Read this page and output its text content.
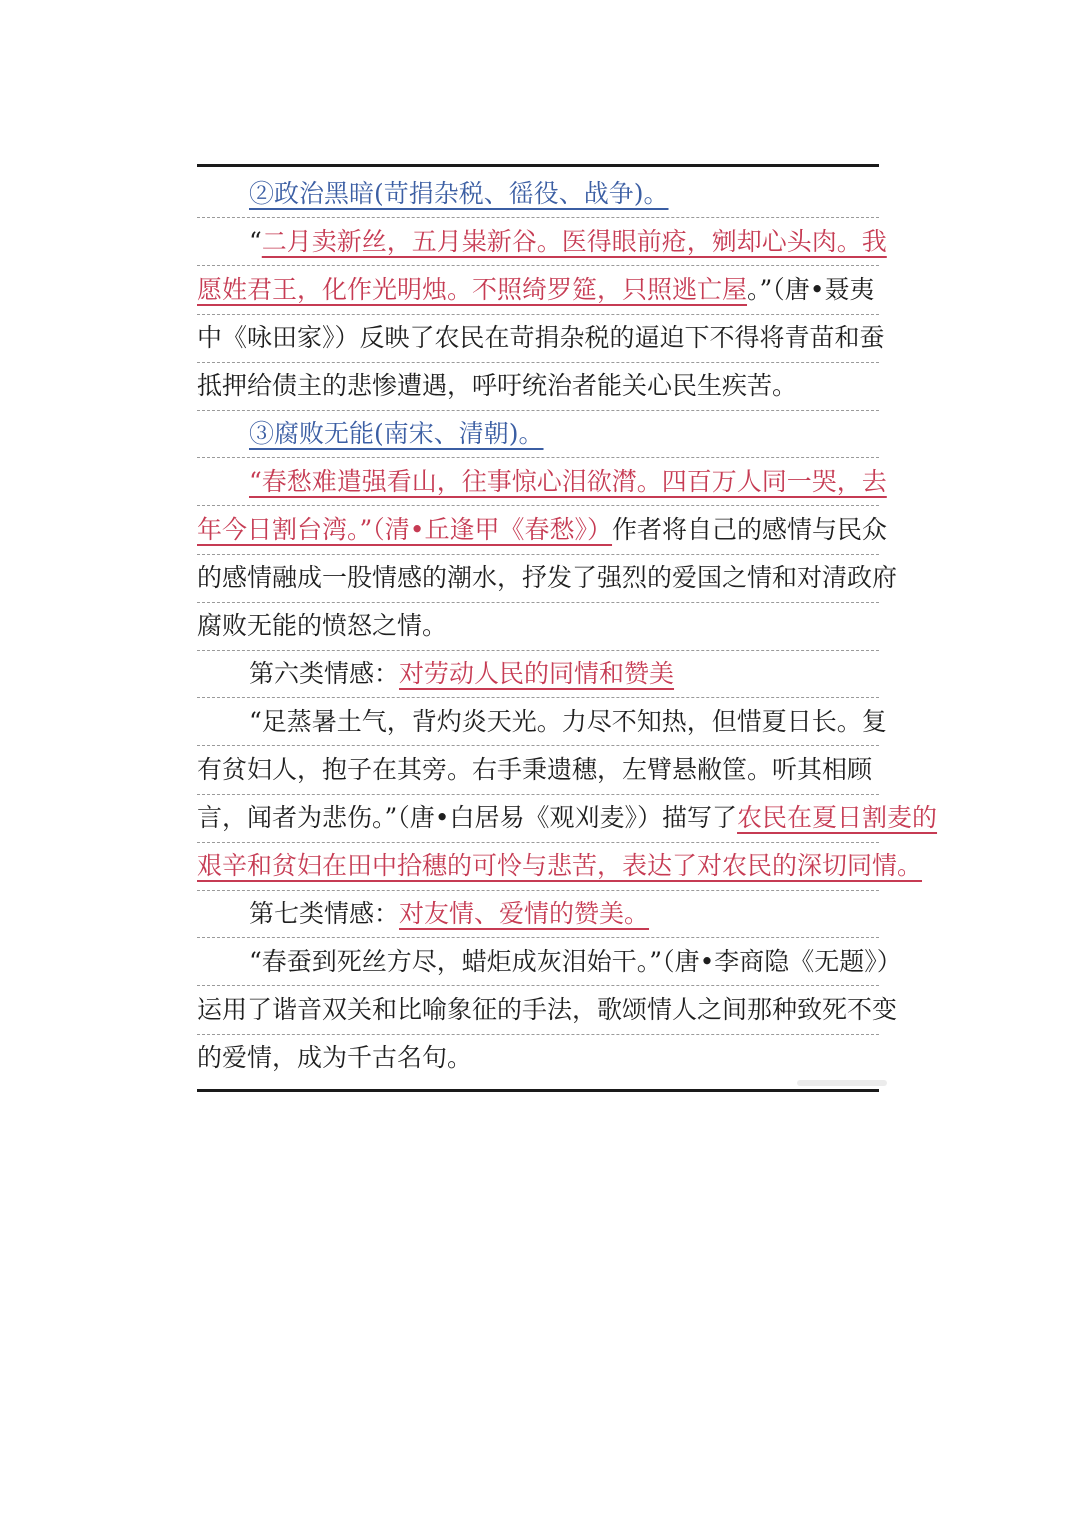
②政治黑暗(苛捐杂税、徭役、战争)。
“二月卖新丝，五月粜新谷。医得眼前疮，剜却心头肉。我
愿姓君王，化作光明烛。不照绮罗筵，只照逃亡屋。”（唐•聂夷
中《咏田家》）反映了农民在苛捐杂税的逼迫下不得将青苗和蚕
抵押给债主的悲惨遭遇，呼吁统治者能关心民生疾苦。
③腐败无能(南宋、清朝)。
“春愁难遣强看山，往事惊心泪欲潸。四百万人同一哭，去
年今日割台湾。”（清•丘逢甲《春愁》）作者将自己的感情与民众
的感情融成一股情感的潮水，抒发了强烈的爱国之情和对清政府
腐败无能的愤怒之情。
第六类情感：对劳动人民的同情和赞美
“足蒸暑土气，背灼炎天光。力尽不知热，但惜夏日长。复
有贫妇人，抱子在其旁。右手秉遗穗，左臂悬敝筐。听其相顾
言，闻者为悲伤。”（唐•白居易《观刈麦》）描写了农民在夏日割麦的
艰辛和贫妇在田中拾穗的可怜与悲苦，表达了对农民的深切同情。
第七类情感：对友情、爱情的赞美。
“春蚕到死丝方尽，蜡炬成灰泪始干。”（唐•李商隐《无题》）
运用了谐音双关和比喻象征的手法，歌颂情人之间那种致死不变
的爱情，成为千古名句。
